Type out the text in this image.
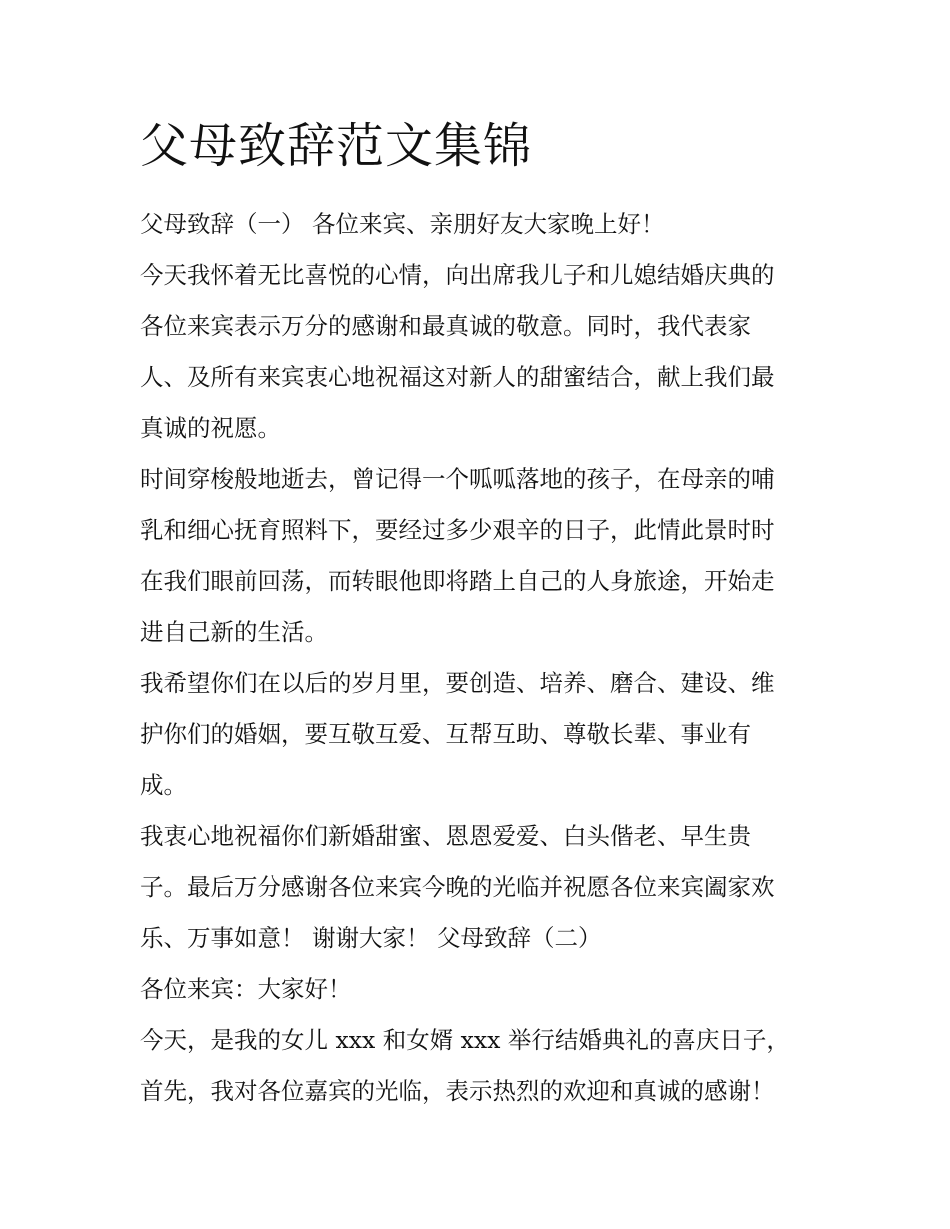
父母致辞范文集锦
父母致辞（一） 各位来宾、亲朋好友大家晚上好！
今天我怀着无比喜悦的心情，向出席我儿子和儿媳结婚庆典的
各位来宾表示万分的感谢和最真诚的敬意。同时，我代表家
人、及所有来宾衷心地祝福这对新人的甜蜜结合，献上我们最
真诚的祝愿。
时间穿梭般地逝去，曾记得一个呱呱落地的孩子，在母亲的哺
乳和细心抚育照料下，要经过多少艰辛的日子，此情此景时时
在我们眼前回荡，而转眼他即将踏上自己的人身旅途，开始走
进自己新的生活。
我希望你们在以后的岁月里，要创造、培养、磨合、建设、维
护你们的婚姻，要互敬互爱、互帮互助、尊敬长辈、事业有
成。
我衷心地祝福你们新婚甜蜜、恩恩爱爱、白头偕老、早生贵
子。最后万分感谢各位来宾今晚的光临并祝愿各位来宾阖家欢
乐、万事如意！ 谢谢大家！ 父母致辞（二）
各位来宾：大家好！
今天，是我的女儿 xxx 和女婿 xxx 举行结婚典礼的喜庆日子，
首先，我对各位嘉宾的光临，表示热烈的欢迎和真诚的感谢！
